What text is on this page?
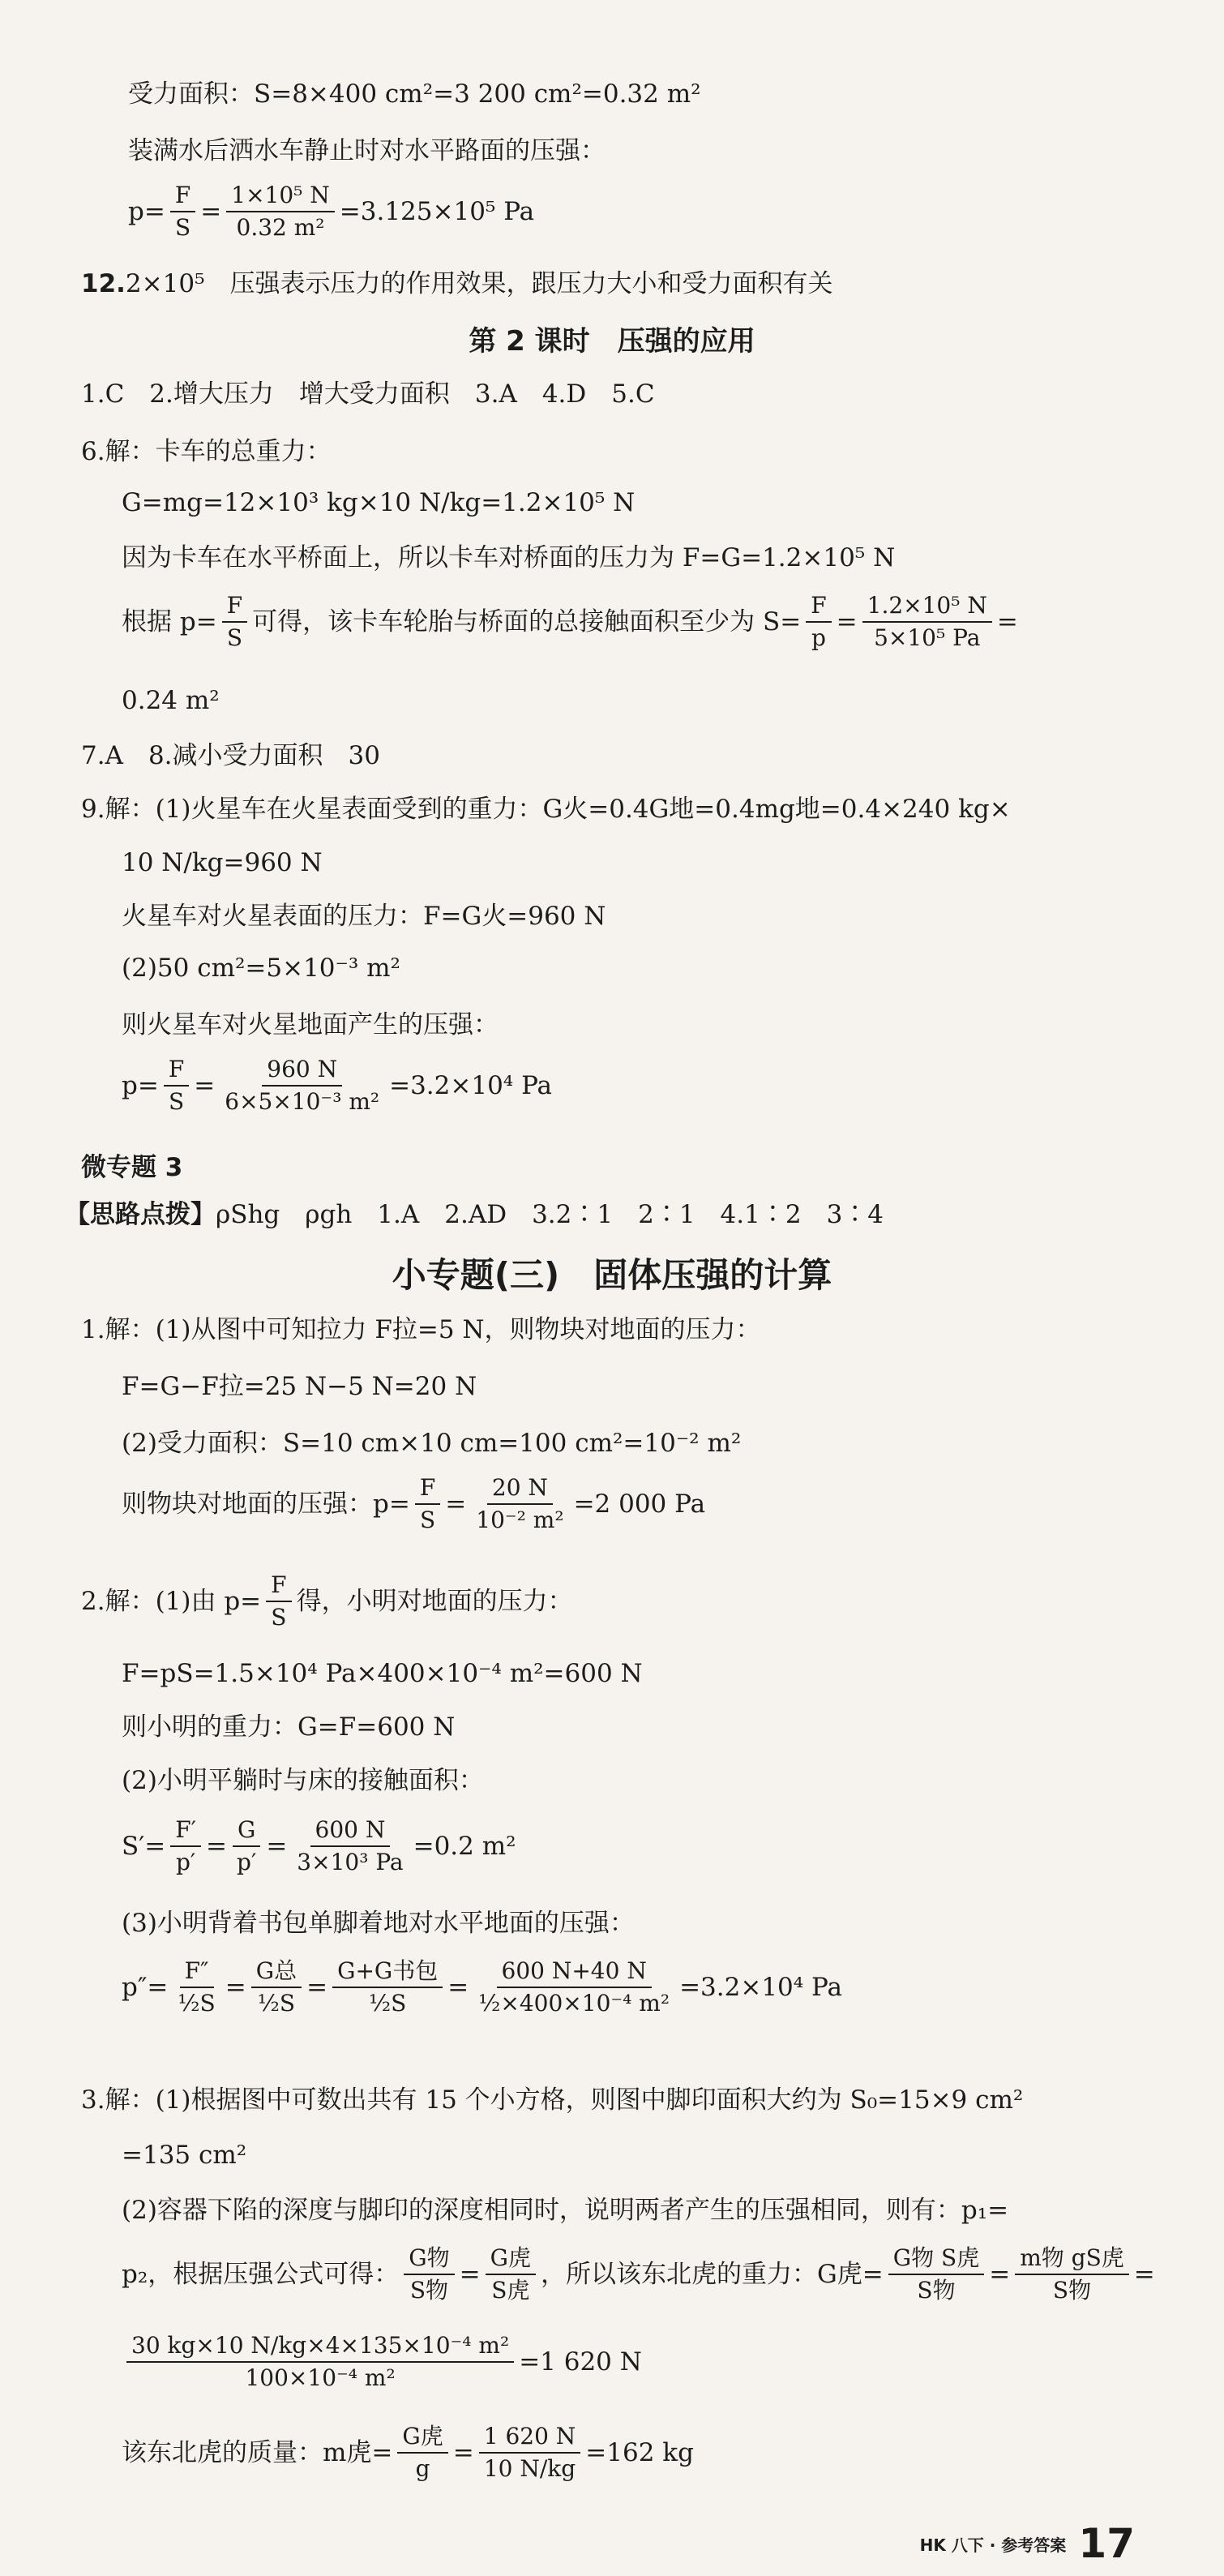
受力面积：S=8×400 cm²=3 200 cm²=0.32 m²
装满水后洒水车静止时对水平路面的压强：
$p= \frac{F}{S} = \frac{\text{1×10⁵ N}}{\text{0.32 m²}} =3.125\times 10^5$ Pa
12.2×10⁵　压强表示压力的作用效果，跟压力大小和受力面积有关
第 2 课时　压强的应用
1.C　2.增大压力　增大受力面积　3.A　4.D　5.C
6.解：卡车的总重力：
G=mg=12×10³ kg×10 N/kg=1.2×10⁵ N
因为卡车在水平桥面上，所以卡车对桥面的压力为 F=G=1.2×10⁵ N
根据 $p= \frac{F}{S}$ 可得，该卡车轮胎与桥面的总接触面积至少为 $S= \frac{F}{p} = \frac{\text{1.2×10⁵ N}}{\text{5×10⁵ Pa}}$ =
0.24 m²
7.A　8.减小受力面积　30
9.解：(1)火星车在火星表面受到的重力：G火=0.4G地=0.4mg地=0.4×240 kg×
10 N/kg=960 N
火星车对火星表面的压力：F=G火=960 N
(2)50 cm²=5×10⁻³ m²
则火星车对火星地面产生的压强：
$p= \frac{F}{S} = \frac{960 N}{\text{6×5×10⁻³ m²}} =3.2\times 10^4$ Pa
微专题 3
【思路点拨】ρShg　ρgh　1.A　2.AD　3.2∶1　2∶1　4.1∶2　3∶4
小专题(三)　固体压强的计算
1.解：(1)从图中可知拉力 F拉=5 N，则物块对地面的压力：
F=G−F拉=25 N−5 N=20 N
(2)受力面积：S=10 cm×10 cm=100 cm²=10⁻² m²
则物块对地面的压强：$p= \frac{F}{S} = \frac{20 N}{\text{10⁻² m²}} =2$ 000 Pa
2.解：(1)由 $p= \frac{F}{S}$ 得，小明对地面的压力：
F=pS=1.5×10⁴ Pa×400×10⁻⁴ m²=600 N
则小明的重力：G=F=600 N
(2)小明平躺时与床的接触面积：
$S'= \frac{F'}{p'} = \frac{G}{p'} = \frac{600 N}{\text{3×10³ Pa}} =0.2$ m²
(3)小明背着书包单脚着地对水平地面的压强：
$p''= \frac{F''}{\text{½S}} = \frac{\text{G总}}{\text{½S}} = \frac{\text{G+G书包}}{\text{½S}} = \frac{600 N+40 N}{\text{½×400×10⁻⁴ m²}} =3.2\times 10^4$ Pa
3.解：(1)根据图中可数出共有 15 个小方格，则图中脚印面积大约为 S₀=15×9 cm²
=135 cm²
(2)容器下陷的深度与脚印的深度相同时，说明两者产生的压强相同，则有：p₁=
p₂，根据压强公式可得： $\frac{\text{G物}}{\text{S物}} = \frac{\text{G虎}}{\text{S虎}}$ ，所以该东北虎的重力：G虎= $\frac{\text{G物 S虎}}{\text{S物}} = \frac{\text{m物 gS虎}}{\text{S物}}$ =
$\frac{\text{30 kg×10 N/kg×4×135×10⁻⁴ m²}}{\text{100×10⁻⁴ m²}} =1$ 620 N
该东北虎的质量：m虎= $\frac{\text{G虎}}{g} = \frac{1 620 N}{10 N/kg} =162$ kg
HK 八下 · 参考答案 17
